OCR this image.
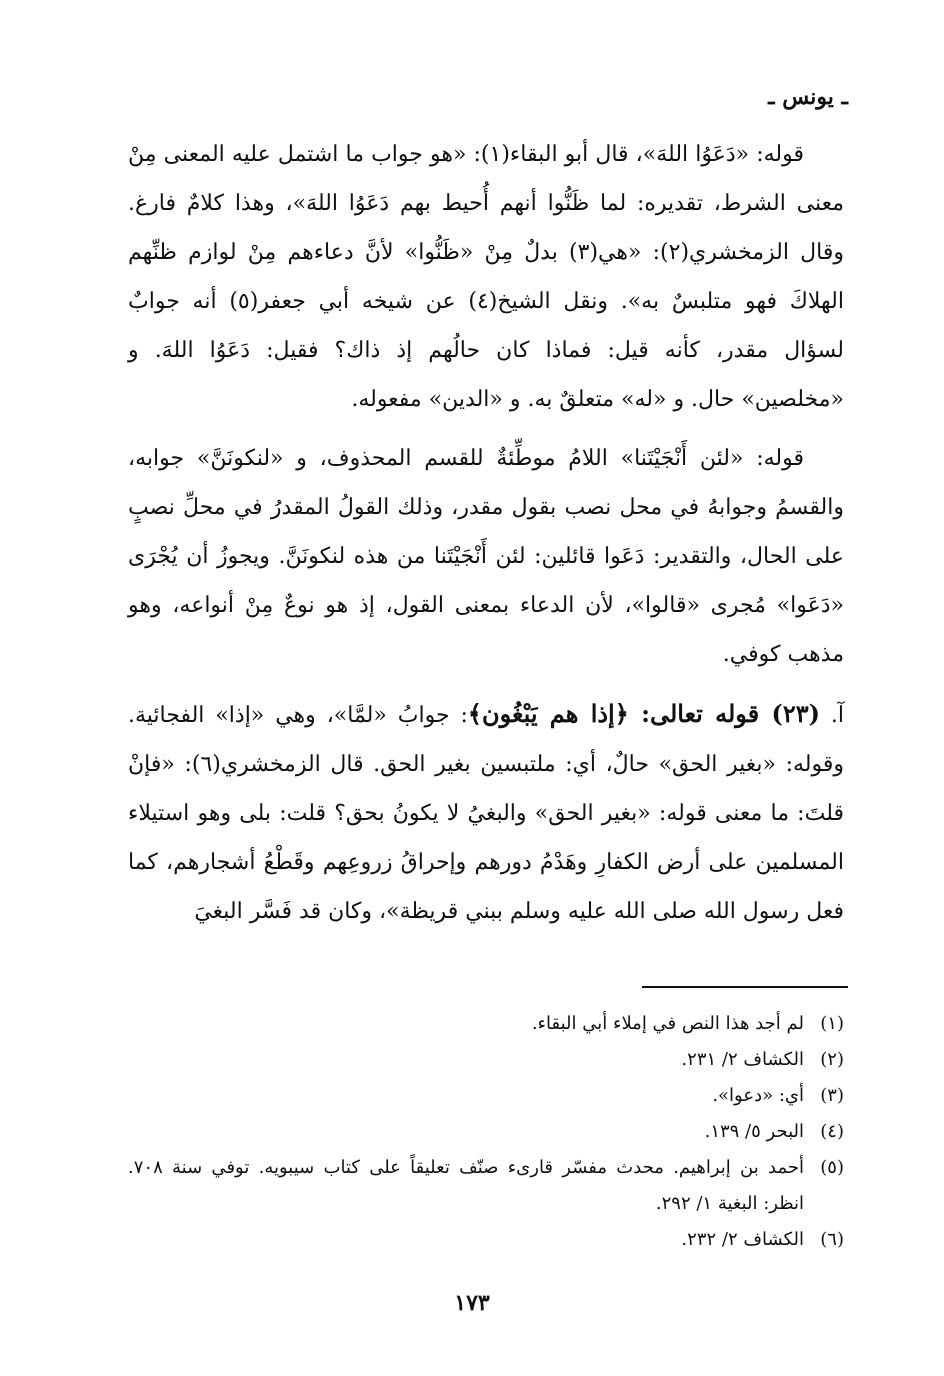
ـ يونس ـ

قوله: «دَعَوُا اللهَ»، قال أبو البقاء(١): «هو جواب ما اشتمل عليه المعنى مِنْ معنى الشرط، تقديره: لما ظَنُّوا أنهم أُحيط بهم دَعَوُا اللهَ»، وهذا كلامٌ فارغ. وقال الزمخشري(٢): «هي(٣) بدلٌ مِنْ «ظَنُّوا» لأنَّ دعاءهم مِنْ لوازم ظنِّهم الهلاكَ فهو متلبسٌ به». ونقل الشيخ(٤) عن شيخه أبي جعفر(٥) أنه جوابٌ لسؤال مقدر، كأنه قيل: فماذا كان حالُهم إذ ذاك؟ فقيل: دَعَوُا اللهَ. و «مخلصين» حال. و «له» متعلقٌ به. و «الدين» مفعوله.

قوله: «لئن أَنْجَيْتَنا» اللامُ موطِّئةٌ للقسم المحذوف، و «لنكونَنَّ» جوابه، والقسمُ وجوابهُ في محل نصب بقول مقدر، وذلك القولُ المقدرُ في محلِّ نصبٍ على الحال، والتقدير: دَعَوا قائلين: لئن أَنْجَيْتَنا من هذه لنكونَنَّ. ويجوزُ أن يُجْرَى «دَعَوا» مُجرى «قالوا»، لأن الدعاء بمعنى القول، إذ هو نوعٌ مِنْ أنواعه، وهو مذهب كوفي.

آ. (٢٣) قوله تعالى: ﴿إذا هم يَبْغُون﴾: جوابُ «لمَّا»، وهي «إذا» الفجائية. وقوله: «بغير الحق» حالٌ، أي: ملتبسين بغير الحق. قال الزمخشري(٦): «فإنْ قلتَ: ما معنى قوله: «بغير الحق» والبغيُ لا يكونُ بحق؟ قلت: بلى وهو استيلاء المسلمين على أرض الكفارِ وهَدْمُ دورهم وإحراقُ زروعِهم وقَطْعُ أشجارهم، كما فعل رسول الله صلى الله عليه وسلم ببني قريظة»، وكان قد فَسَّر البغيَ

(١)
لم أجد هذا النص في إملاء أبي البقاء.
(٢)
الكشاف ٢/ ٢٣١.
(٣)
أي: «دعوا».
(٤)
البحر ٥/ ١٣٩.
(٥)
أحمد بن إبراهيم. محدث مفسّر قارىء صنّف تعليقاً على كتاب سيبويه. توفي سنة ٧٠٨. انظر: البغية ١/ ٢٩٢.
(٦)
الكشاف ٢/ ٢٣٢.
١٧٣
